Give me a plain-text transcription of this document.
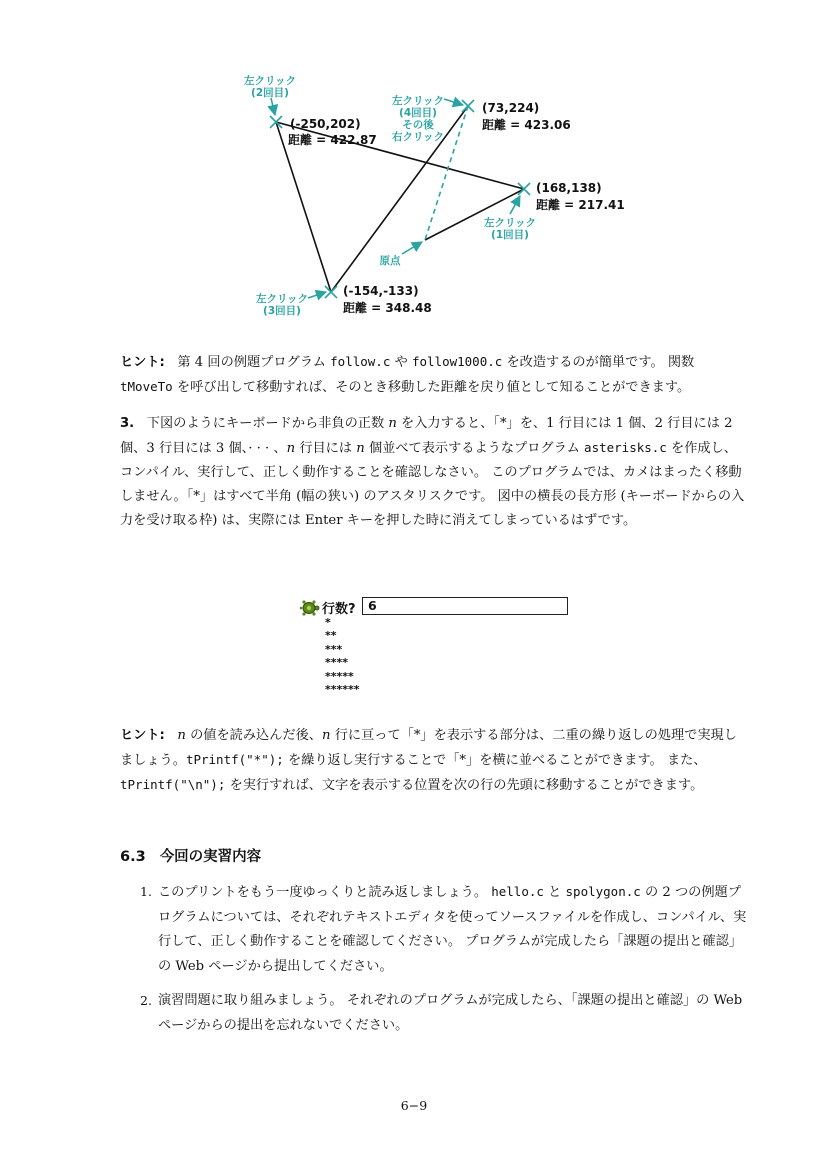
(-250,202)
距離 = 422.87
(73,224)
距離 = 423.06
(168,138)
距離 = 217.41
(-154,-133)
距離 = 348.48
左クリック
(2回目)
左クリック
(4回目)
その後
右クリック
左クリック
(1回目)
左クリック
(3回目)
原点

ヒント: 第 4 回の例題プログラム follow.c や follow1000.c を改造するのが簡単です。 関数 tMoveTo を呼び出して移動すれば、そのとき移動した距離を戻り値として知ることができます。

3. 下図のようにキーボードから非負の正数 n を入力すると、「*」を、1 行目には 1 個、2 行目には 2 個、3 行目には 3 個、· · · 、n 行目には n 個並べて表示するようなプログラム asterisks.c を作成し、コンパイル、実行して、正しく動作することを確認しなさい。 このプログラムでは、カメはまったく移動しません。「*」はすべて半角 (幅の狭い) のアスタリスクです。 図中の横長の長方形 (キーボードからの入力を受け取る枠) は、実際には Enter キーを押した時に消えてしまっているはずです。

行数? 6
*
**
***
****
*****
******

ヒント: n の値を読み込んだ後、n 行に亘って「*」を表示する部分は、二重の繰り返しの処理で実現しましょう。tPrintf("*"); を繰り返し実行することで「*」を横に並べることができます。 また、tPrintf("\n"); を実行すれば、文字を表示する位置を次の行の先頭に移動することができます。

6.3 今回の実習内容
1. このプリントをもう一度ゆっくりと読み返しましょう。 hello.c と spolygon.c の 2 つの例題プログラムについては、それぞれテキストエディタを使ってソースファイルを作成し、コンパイル、実行して、正しく動作することを確認してください。 プログラムが完成したら「課題の提出と確認」の Web ページから提出してください。
2. 演習問題に取り組みましょう。 それぞれのプログラムが完成したら、「課題の提出と確認」の Web ページからの提出を忘れないでください。
6−9
